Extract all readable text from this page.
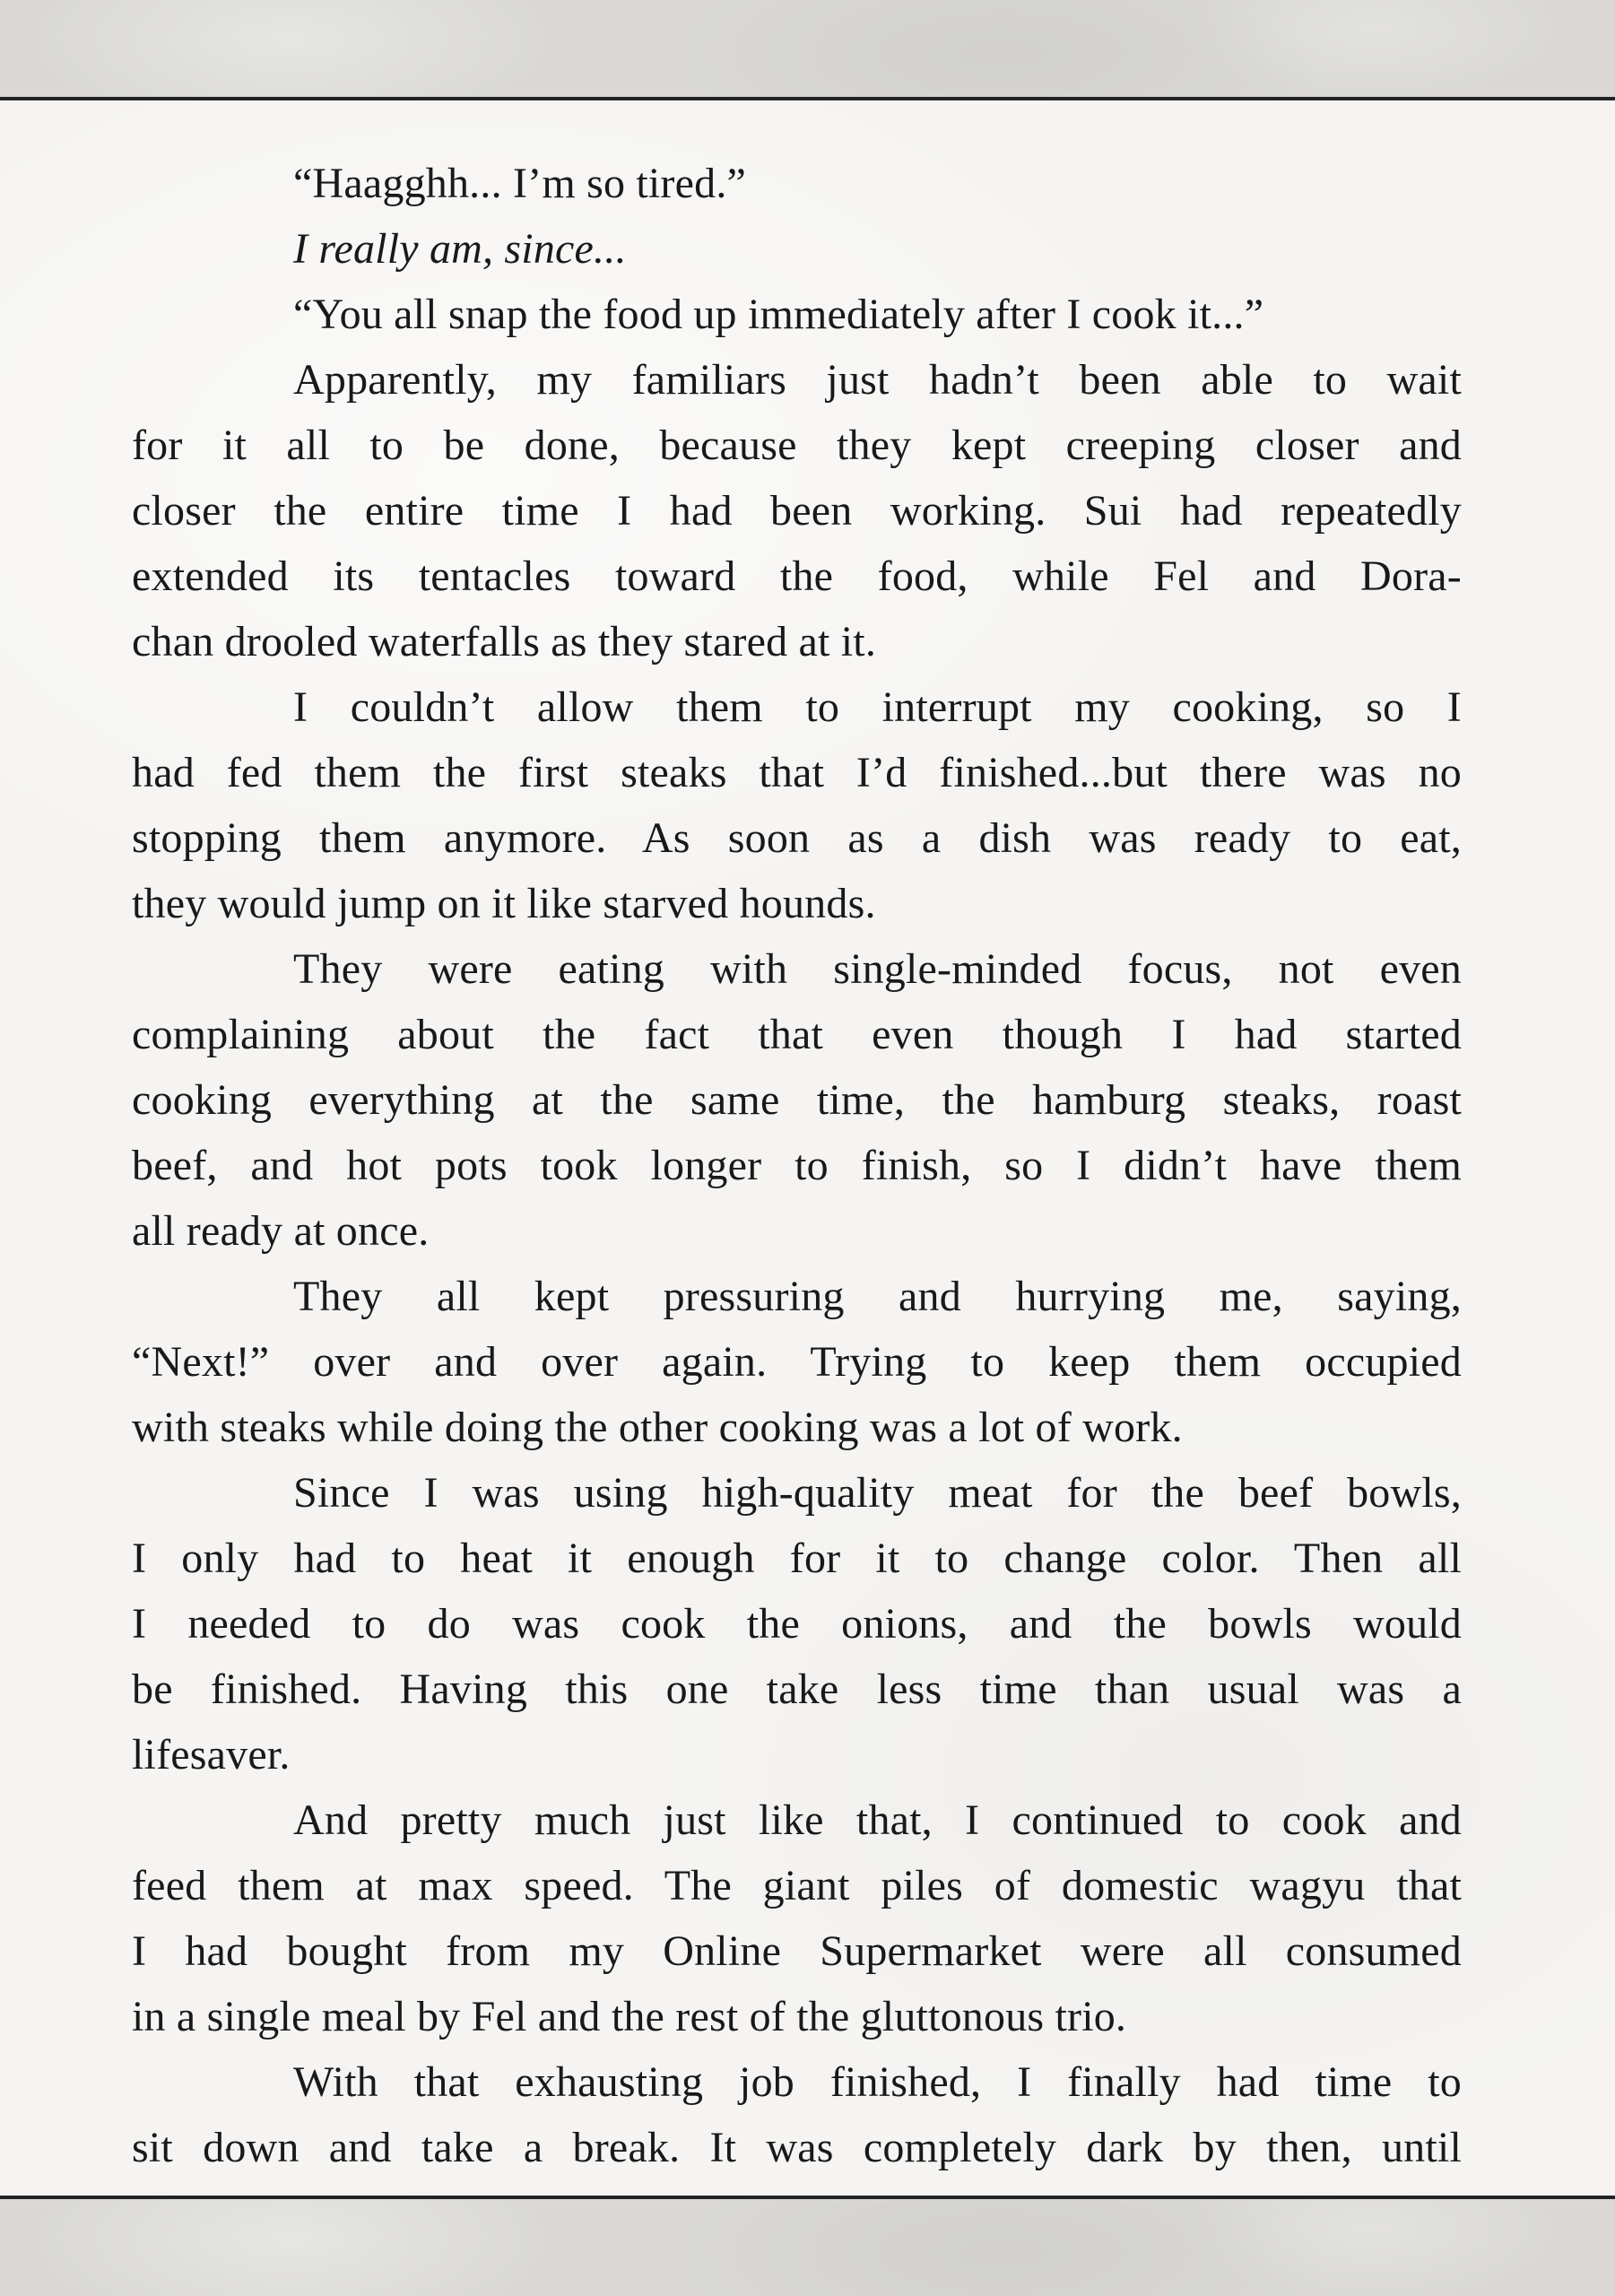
“Haagghh... I’m so tired.”

I really am, since...

“You all snap the food up immediately after I cook it...”

Apparently, my familiars just hadn’t been able to wait
for it all to be done, because they kept creeping closer and
closer the entire time I had been working. Sui had repeatedly
extended its tentacles toward the food, while Fel and Dora-
chan drooled waterfalls as they stared at it.

I couldn’t allow them to interrupt my cooking, so I
had fed them the first steaks that I’d finished...but there was no
stopping them anymore. As soon as a dish was ready to eat,
they would jump on it like starved hounds.

They were eating with single-minded focus, not even
complaining about the fact that even though I had started
cooking everything at the same time, the hamburg steaks, roast
beef, and hot pots took longer to finish, so I didn’t have them
all ready at once.

They all kept pressuring and hurrying me, saying,
“Next!” over and over again. Trying to keep them occupied
with steaks while doing the other cooking was a lot of work.

Since I was using high-quality meat for the beef bowls,
I only had to heat it enough for it to change color. Then all
I needed to do was cook the onions, and the bowls would
be finished. Having this one take less time than usual was a
lifesaver.

And pretty much just like that, I continued to cook and
feed them at max speed. The giant piles of domestic wagyu that
I had bought from my Online Supermarket were all consumed
in a single meal by Fel and the rest of the gluttonous trio.

With that exhausting job finished, I finally had time to
sit down and take a break. It was completely dark by then, until
